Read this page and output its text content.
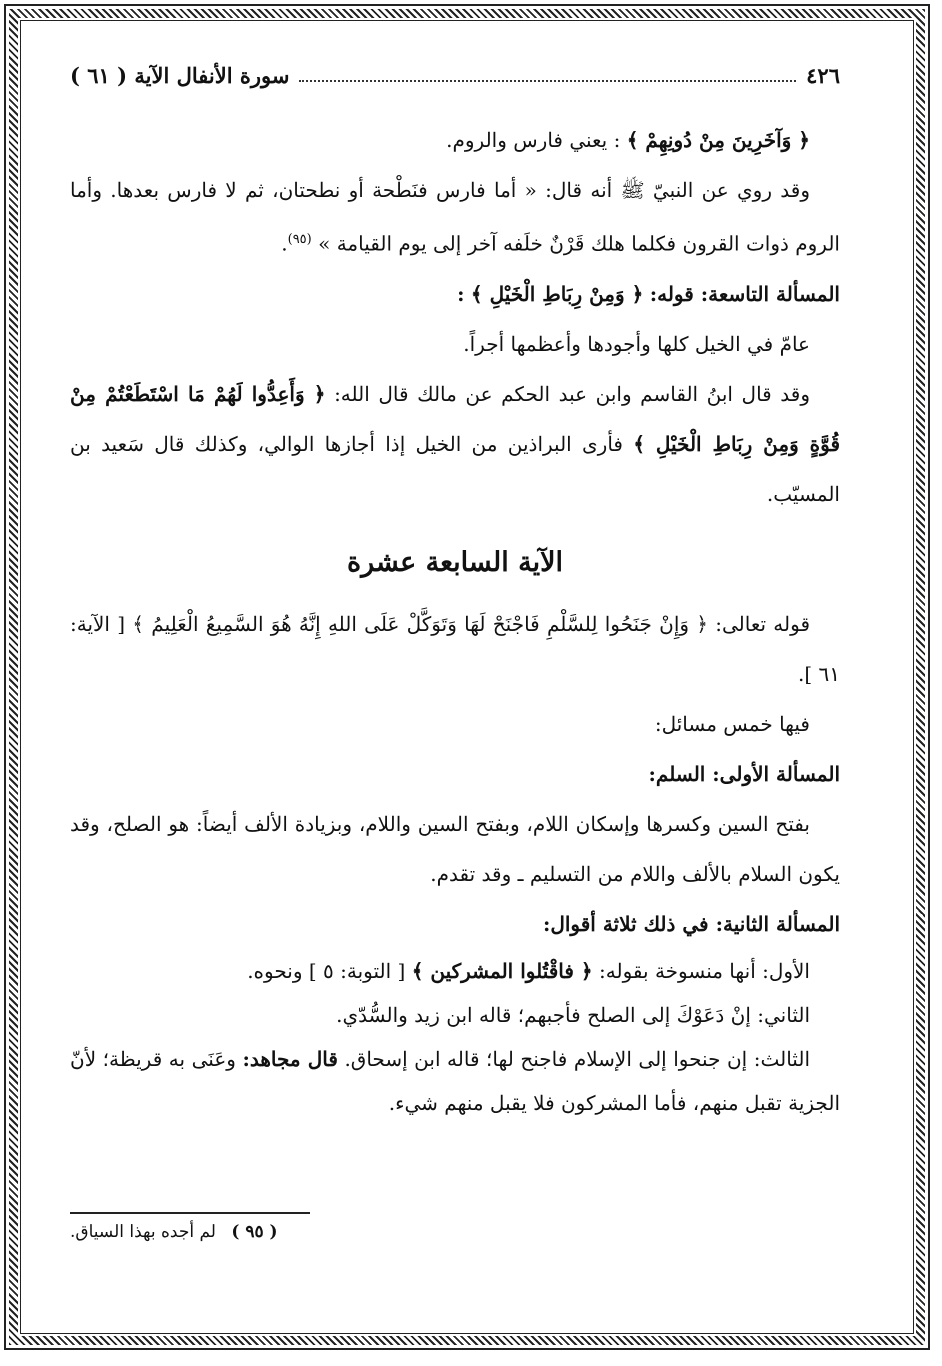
٤٢٦
سورة الأنفال الآية ( ٦١ )

﴿ وَآخَرِينَ مِنْ دُونِهِمْ ﴾ : يعني فارس والروم.

وقد روي عن النبيّ ﷺ أنه قال: « أما فارس فنَطْحة أو نطحتان، ثم لا فارس بعدها. وأما الروم ذوات القرون فكلما هلك قَرْنٌ خلَفه آخر إلى يوم القيامة » $^{(٩٥)}$.

المسألة التاسعة: قوله: ﴿ وَمِنْ رِبَاطِ الْخَيْلِ ﴾ :

عامّ في الخيل كلها وأجودها وأعظمها أجراً.

وقد قال ابنُ القاسم وابن عبد الحكم عن مالك قال الله: ﴿ وَأَعِدُّوا لَهُمْ مَا اسْتَطَعْتُمْ مِنْ قُوَّةٍ وَمِنْ رِبَاطِ الْخَيْلِ ﴾ فأرى البراذين من الخيل إذا أجازها الوالي، وكذلك قال سَعيد بن المسيّب.

الآية السابعة عشرة

قوله تعالى: ﴿ وَإِنْ جَنَحُوا لِلسَّلْمِ فَاجْنَحْ لَهَا وَتَوَكَّلْ عَلَى اللهِ إِنَّهُ هُوَ السَّمِيعُ الْعَلِيمُ ﴾ [ الآية: ٦١ ].

فيها خمس مسائل:

المسألة الأولى: السلم:

بفتح السين وكسرها وإسكان اللام، وبفتح السين واللام، وبزيادة الألف أيضاً: هو الصلح، وقد يكون السلام بالألف واللام من التسليم ـ وقد تقدم.

المسألة الثانية: في ذلك ثلاثة أقوال:

الأول: أنها منسوخة بقوله: ﴿ فاقْتُلوا المشركين ﴾ [ التوبة: ٥ ] ونحوه.

الثاني: إنْ دَعَوْكَ إلى الصلح فأجبهم؛ قاله ابن زيد والسُّدّي.

الثالث: إن جنحوا إلى الإسلام فاجنح لها؛ قاله ابن إسحاق. قال مجاهد: وعَنَى به قريظة؛ لأنّ الجزية تقبل منهم، فأما المشركون فلا يقبل منهم شيء.

( ٩٥ ) لم أجده بهذا السياق.
